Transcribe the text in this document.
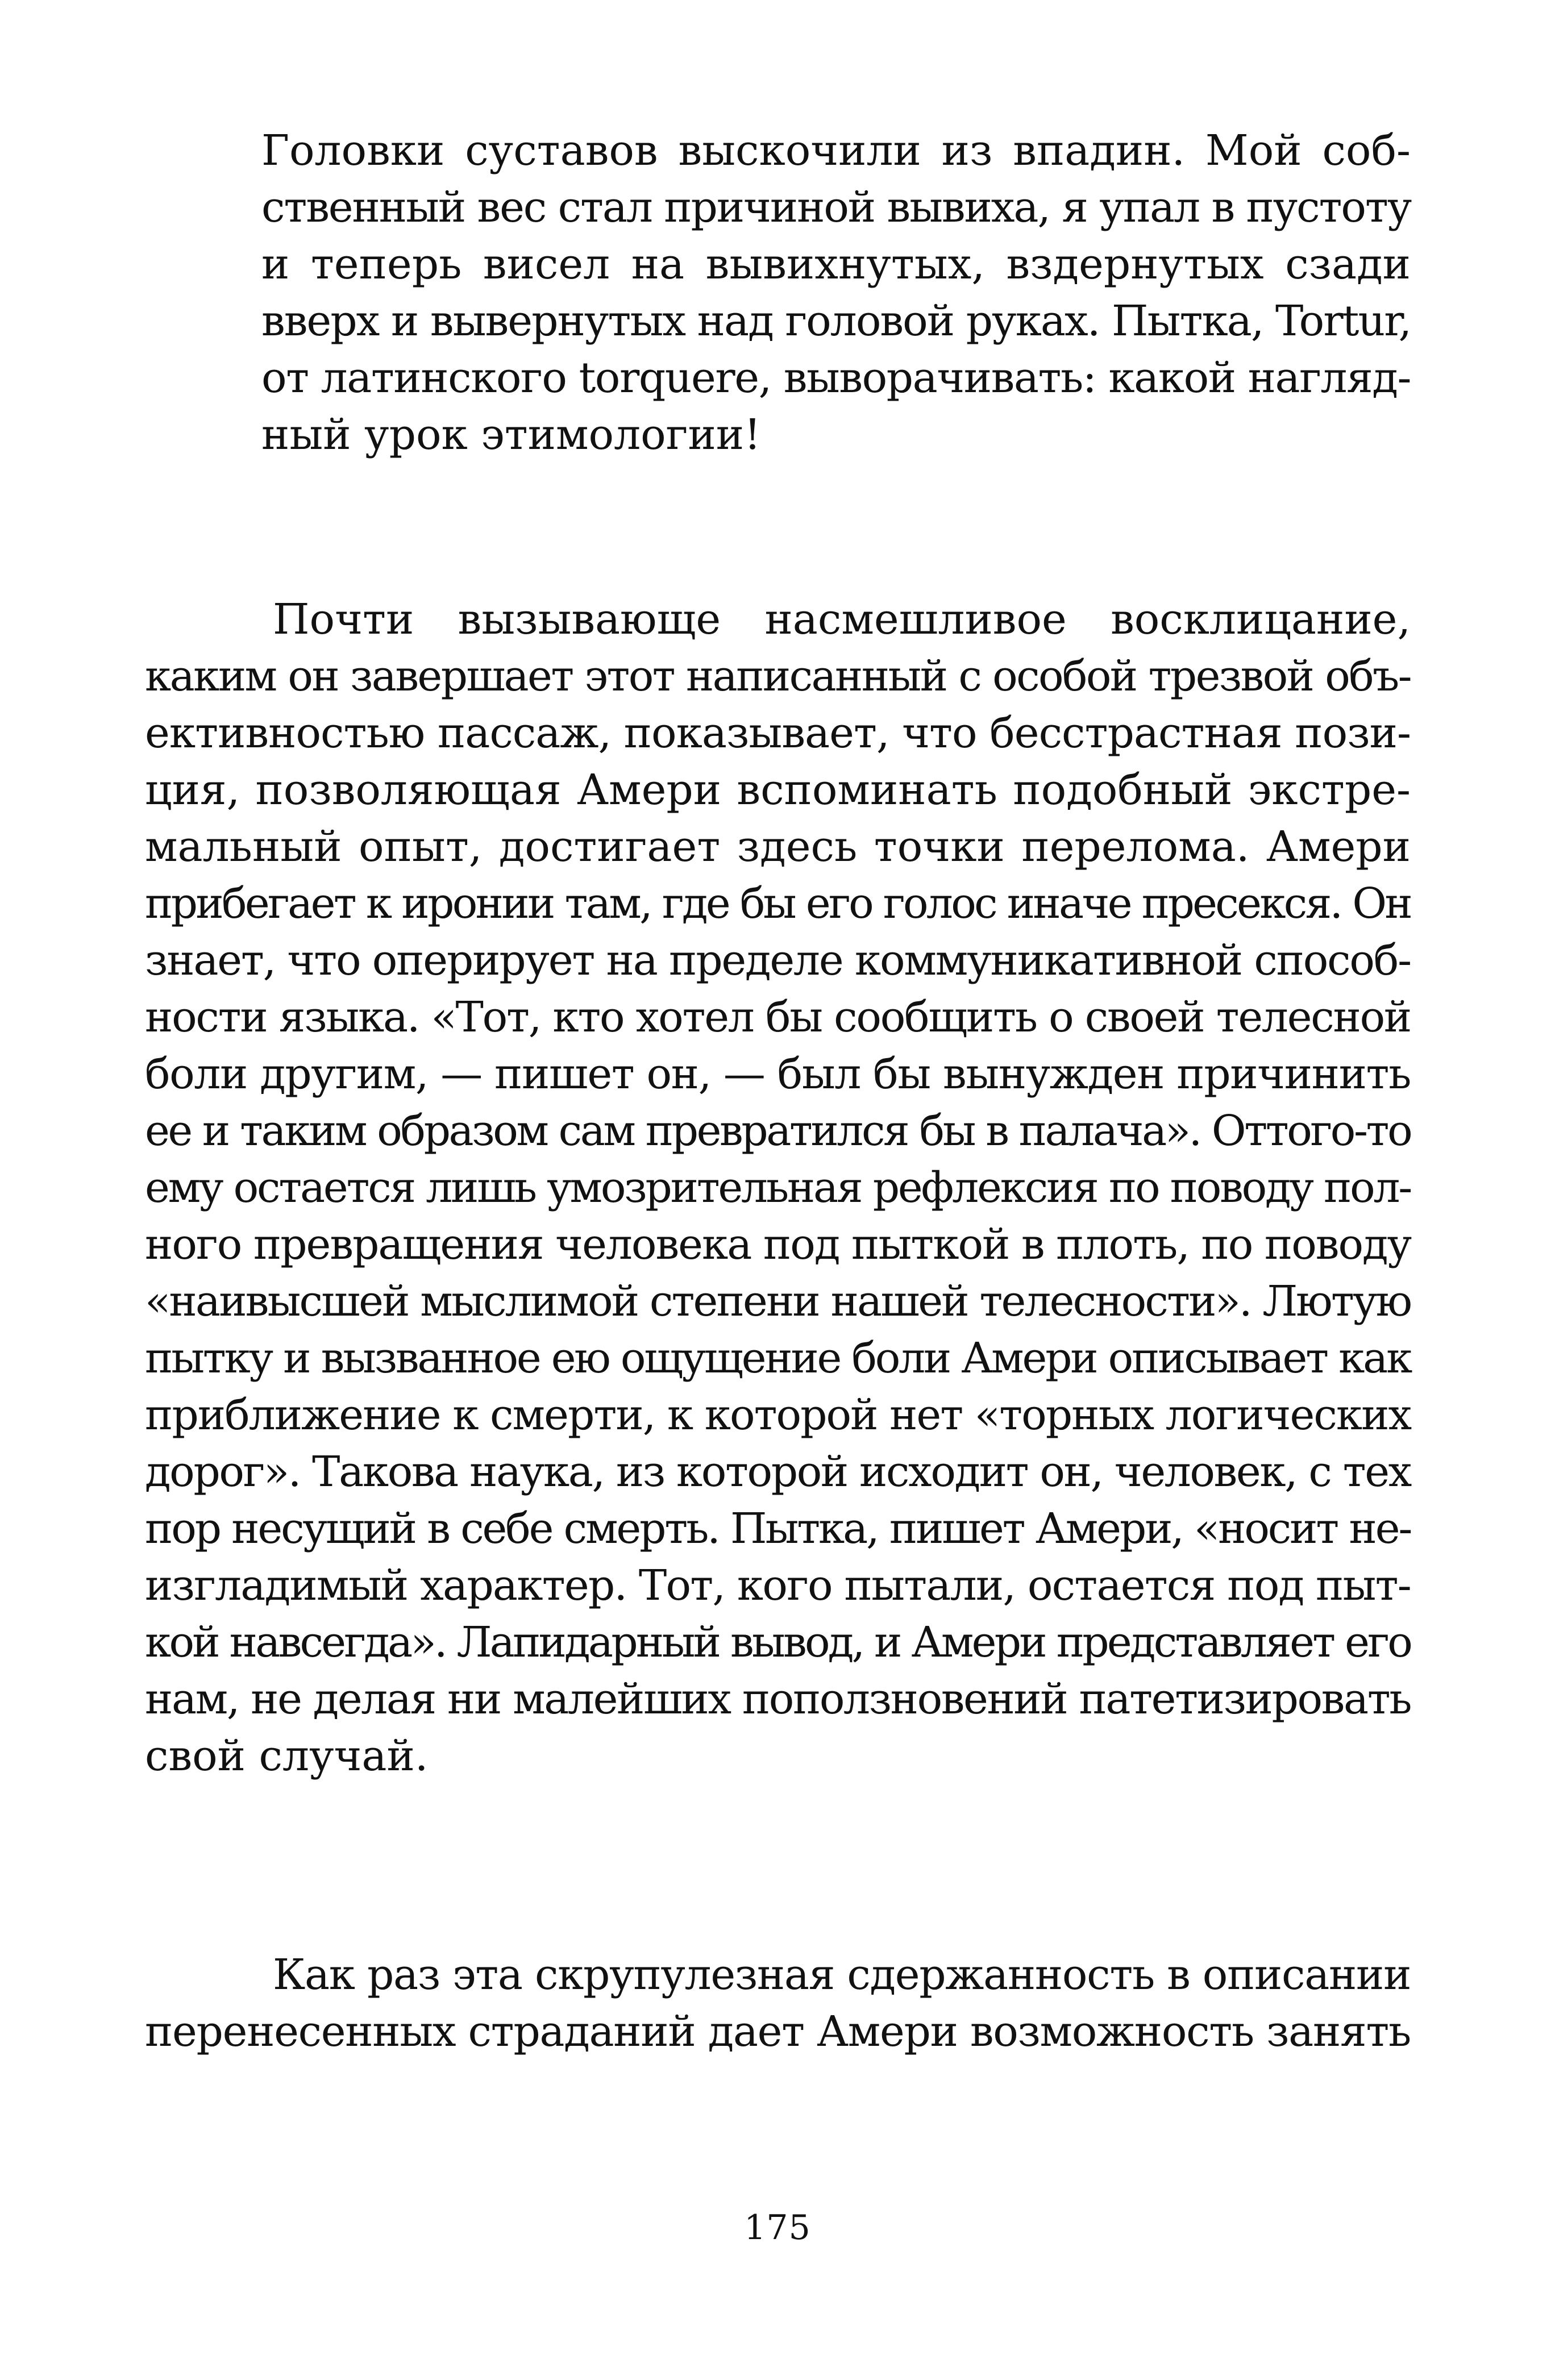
Головки суставов выскочили из впадин. Мой соб-
ственный вес стал причиной вывиха, я упал в пустоту
и теперь висел на вывихнутых, вздернутых сзади
вверх и вывернутых над головой руках. Пытка, Tortur,
от латинского torquere, выворачивать: какой нагляд-
ный урок этимологии!
Почти вызывающе насмешливое восклицание,
каким он завершает этот написанный с особой трезвой объ-
ективностью пассаж, показывает, что бесстрастная пози-
ция, позволяющая Амери вспоминать подобный экстре-
мальный опыт, достигает здесь точки перелома. Амери
прибегает к иронии там, где бы его голос иначе пресекся. Он
знает, что оперирует на пределе коммуникативной способ-
ности языка. «Тот, кто хотел бы сообщить о своей телесной
боли другим, — пишет он, — был бы вынужден причинить
ее и таким образом сам превратился бы в палача». Оттого-то
ему остается лишь умозрительная рефлексия по поводу пол-
ного превращения человека под пыткой в плоть, по поводу
«наивысшей мыслимой степени нашей телесности». Лютую
пытку и вызванное ею ощущение боли Амери описывает как
приближение к смерти, к которой нет «торных логических
дорог». Такова наука, из которой исходит он, человек, с тех
пор несущий в себе смерть. Пытка, пишет Амери, «носит не-
изгладимый характер. Тот, кого пытали, остается под пыт-
кой навсегда». Лапидарный вывод, и Амери представляет его
нам, не делая ни малейших поползновений патетизировать
свой случай.
Как раз эта скрупулезная сдержанность в описании
перенесенных страданий дает Амери возможность занять
175
